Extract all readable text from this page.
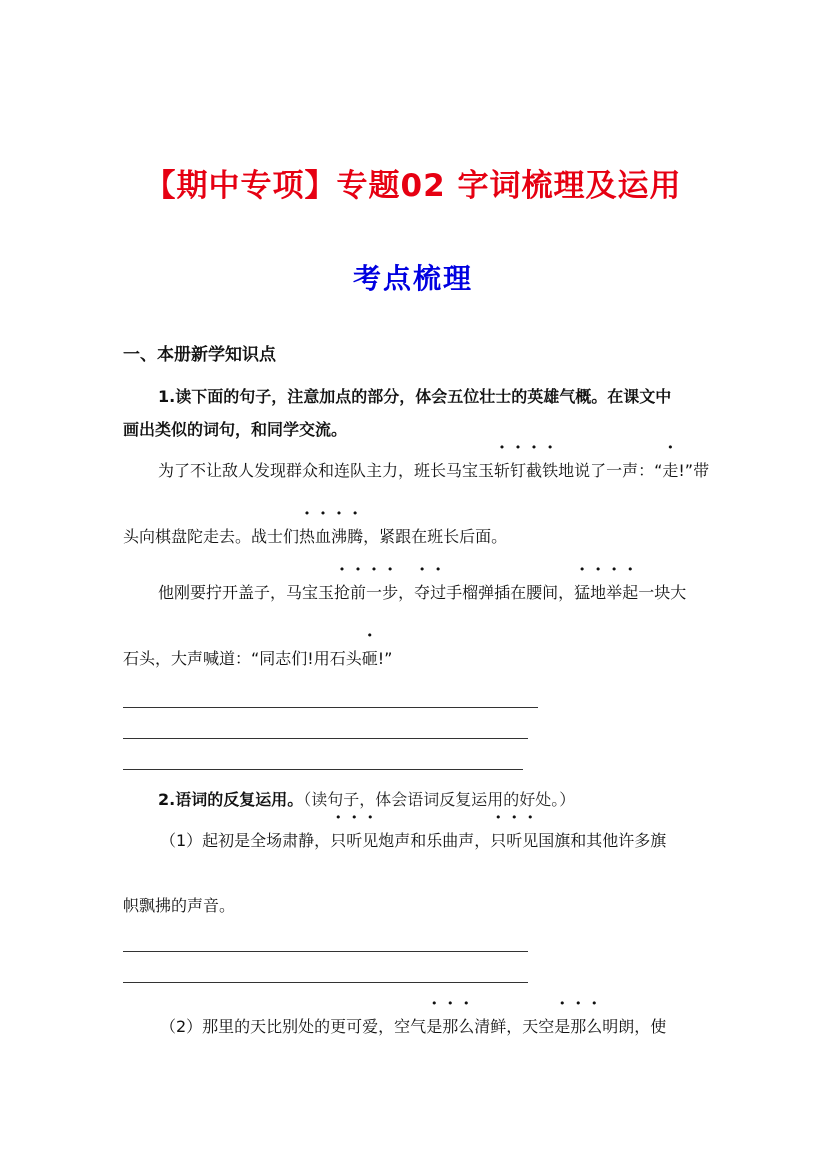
【期中专项】专题02 字词梳理及运用
考点梳理
一、本册新学知识点
1.读下面的句子，注意加点的部分，体会五位壮士的英雄气概。在课文中
画出类似的词句，和同学交流。
为了不让敌人发现群众和连队主力，班长马宝玉斩钉截铁地说了一声：“走!”带
头向棋盘陀走去。战士们热血沸腾，紧跟在班长后面。
他刚要拧开盖子，马宝玉抢前一步，夺过手榴弹插在腰间，猛地举起一块大
石头，大声喊道：“同志们!用石头砸!”
2.语词的反复运用。（读句子，体会语词反复运用的好处。）
（1）起初是全场肃静，只听见炮声和乐曲声，只听见国旗和其他许多旗
帜飘拂的声音。
（2）那里的天比别处的更可爱，空气是那么清鲜，天空是那么明朗，使
